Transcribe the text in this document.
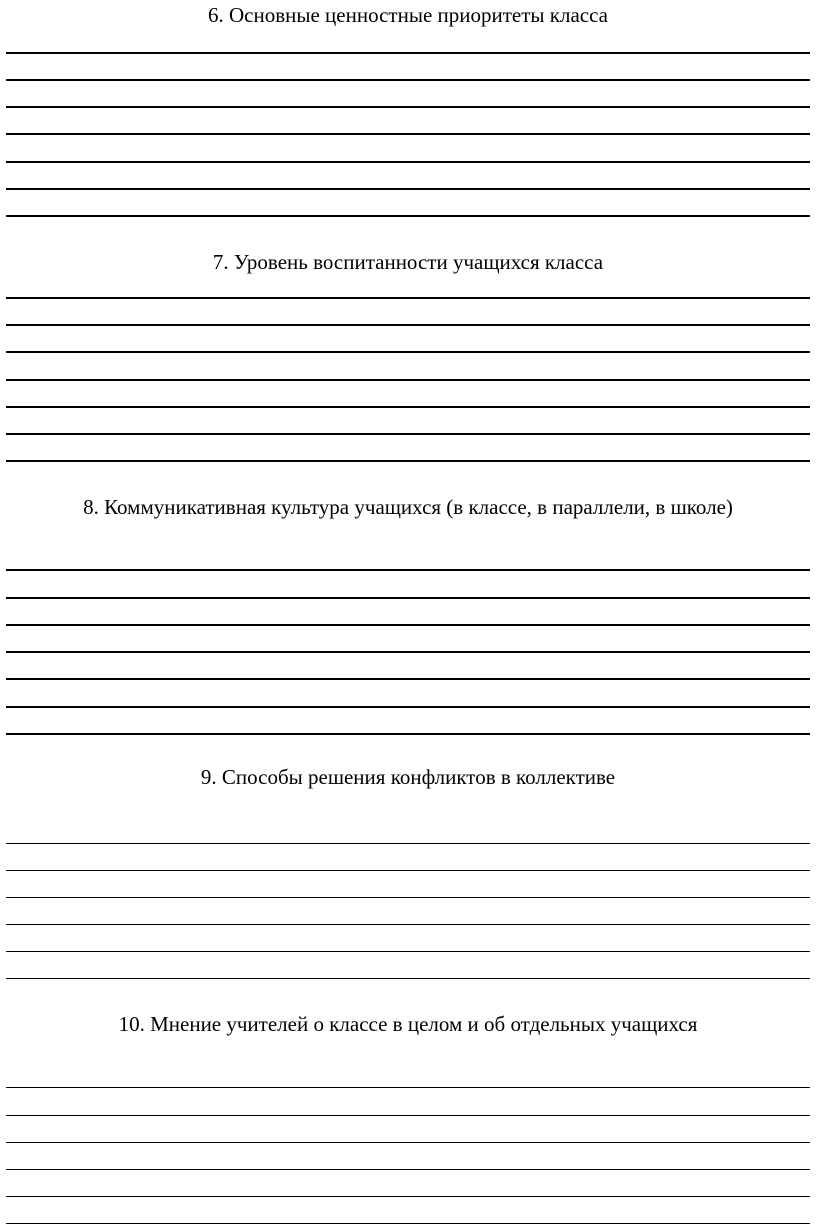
6. Основные ценностные приоритеты класса
7. Уровень воспитанности учащихся класса
8. Коммуникативная культура учащихся (в классе, в параллели, в школе)
9. Способы решения конфликтов в коллективе
10. Мнение учителей о классе в целом и об отдельных учащихся
